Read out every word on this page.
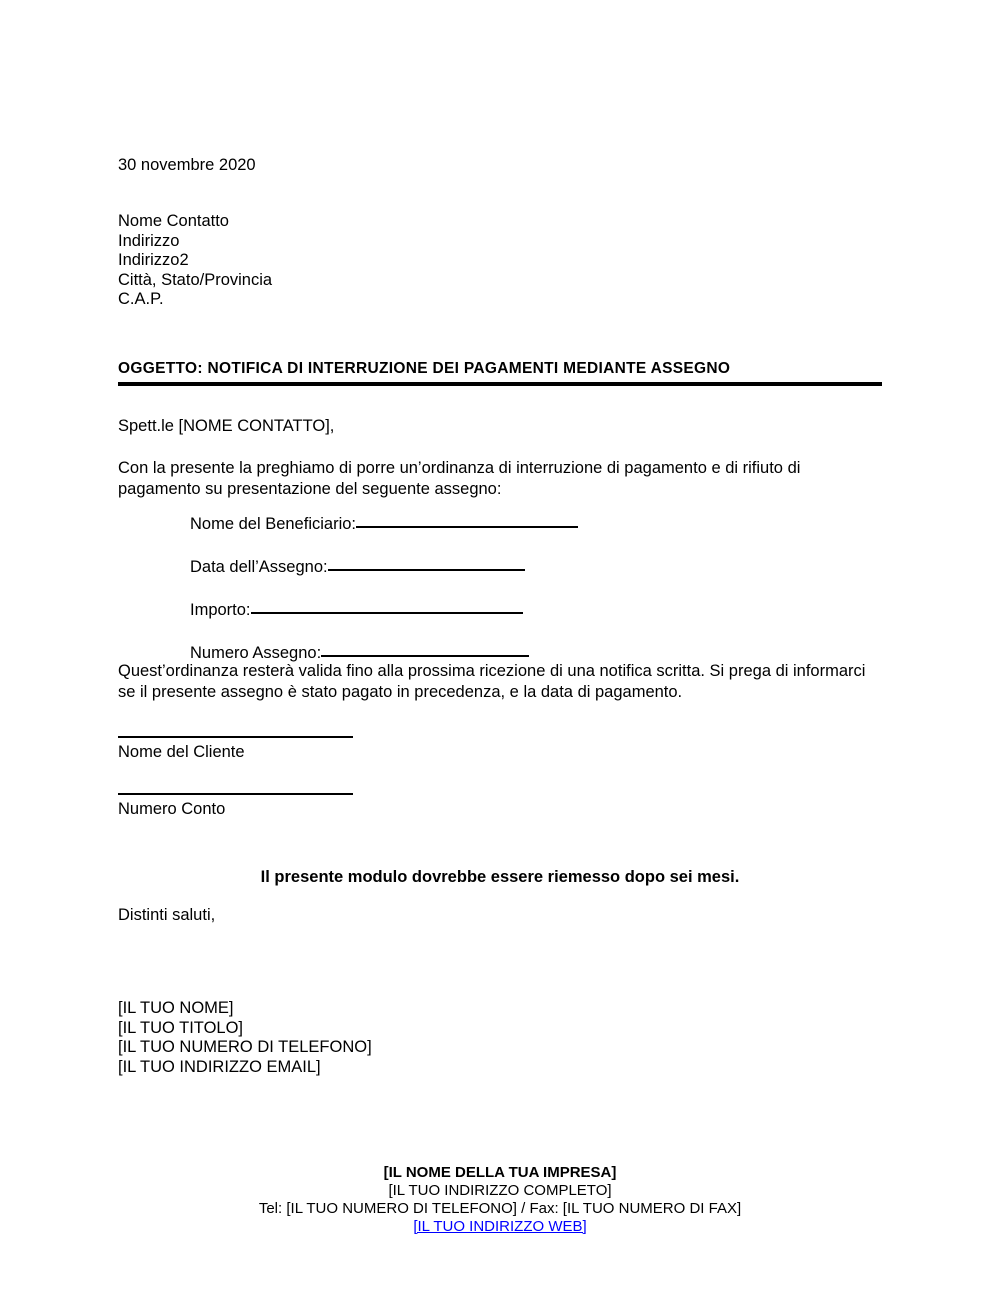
30 novembre 2020
Nome Contatto
Indirizzo
Indirizzo2
Città, Stato/Provincia
C.A.P.
OGGETTO: NOTIFICA DI INTERRUZIONE DEI PAGAMENTI MEDIANTE ASSEGNO
Spett.le [NOME CONTATTO],
Con la presente la preghiamo di porre un’ordinanza di interruzione di pagamento e di rifiuto di pagamento su presentazione del seguente assegno:
Nome del Beneficiario:
Data dell’Assegno:
Importo:
Numero Assegno:
Quest’ordinanza resterà valida fino alla prossima ricezione di una notifica scritta. Si prega di informarci se il presente assegno è stato pagato in precedenza, e la data di pagamento.
Nome del Cliente
Numero Conto
Il presente modulo dovrebbe essere riemesso dopo sei mesi.
Distinti saluti,
[IL TUO NOME]
[IL TUO TITOLO]
[IL TUO NUMERO DI TELEFONO]
[IL TUO INDIRIZZO EMAIL]
[IL NOME DELLA TUA IMPRESA]
[IL TUO INDIRIZZO COMPLETO]
Tel: [IL TUO NUMERO DI TELEFONO] / Fax: [IL TUO NUMERO DI FAX]
[IL TUO INDIRIZZO WEB]
